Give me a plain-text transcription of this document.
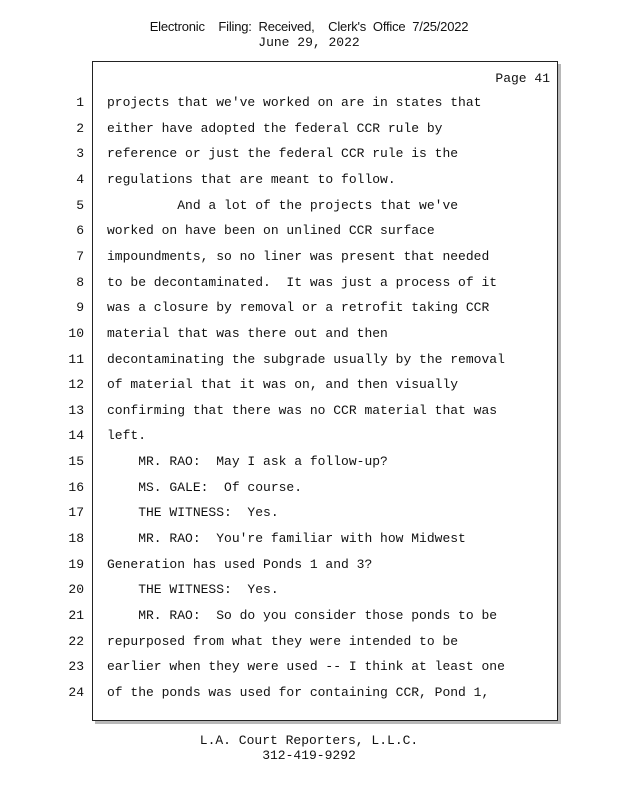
Electronic    Filing:  Received,    Clerk's  Office  7/25/2022
June 29, 2022
Page 41
1 projects that we've worked on are in states that
2 either have adopted the federal CCR rule by
3 reference or just the federal CCR rule is the
4 regulations that are meant to follow.
5 And a lot of the projects that we've
6 worked on have been on unlined CCR surface
7 impoundments, so no liner was present that needed
8 to be decontaminated.  It was just a process of it
9 was a closure by removal or a retrofit taking CCR
10 material that was there out and then
11 decontaminating the subgrade usually by the removal
12 of material that it was on, and then visually
13 confirming that there was no CCR material that was
14 left.
15 MR. RAO:  May I ask a follow-up?
16 MS. GALE:  Of course.
17 THE WITNESS:  Yes.
18 MR. RAO:  You're familiar with how Midwest
19 Generation has used Ponds 1 and 3?
20 THE WITNESS:  Yes.
21 MR. RAO:  So do you consider those ponds to be
22 repurposed from what they were intended to be
23 earlier when they were used -- I think at least one
24 of the ponds was used for containing CCR, Pond 1,
L.A. Court Reporters, L.L.C.
312-419-9292
